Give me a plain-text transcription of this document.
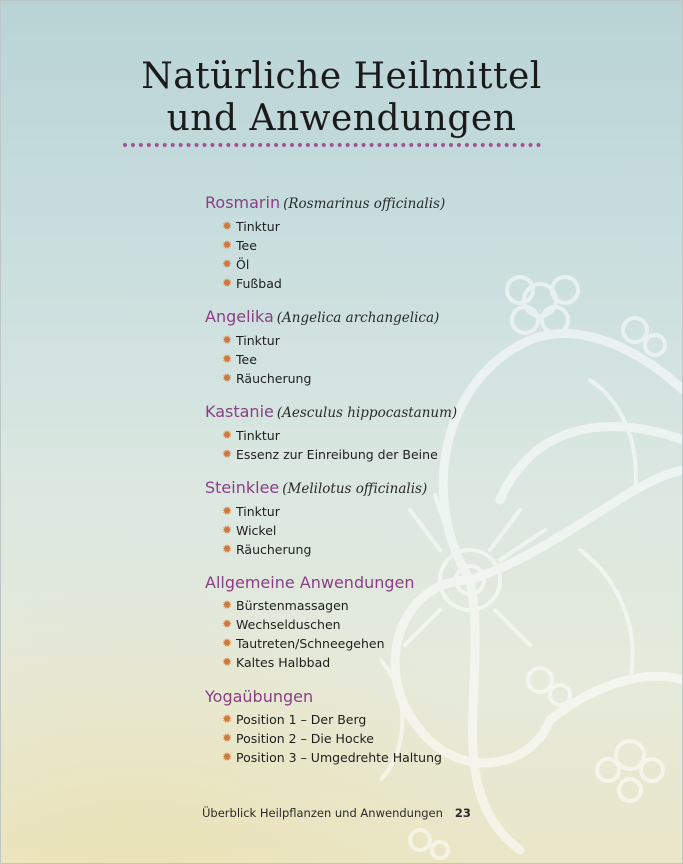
Natürliche Heilmittel
und Anwendungen
Rosmarin (Rosmarinus officinalis)
✹ Tinktur
✹ Tee
✹ Öl
✹ Fußbad
Angelika (Angelica archangelica)
✹ Tinktur
✹ Tee
✹ Räucherung
Kastanie (Aesculus hippocastanum)
✹ Tinktur
✹ Essenz zur Einreibung der Beine
Steinklee (Melilotus officinalis)
✹ Tinktur
✹ Wickel
✹ Räucherung
Allgemeine Anwendungen
✹ Bürstenmassagen
✹ Wechselduschen
✹ Tautreten/Schneegehen
✹ Kaltes Halbbad
Yogaübungen
✹ Position 1 – Der Berg
✹ Position 2 – Die Hocke
✹ Position 3 – Umgedrehte Haltung
Überblick Heilpflanzen und Anwendungen 23
